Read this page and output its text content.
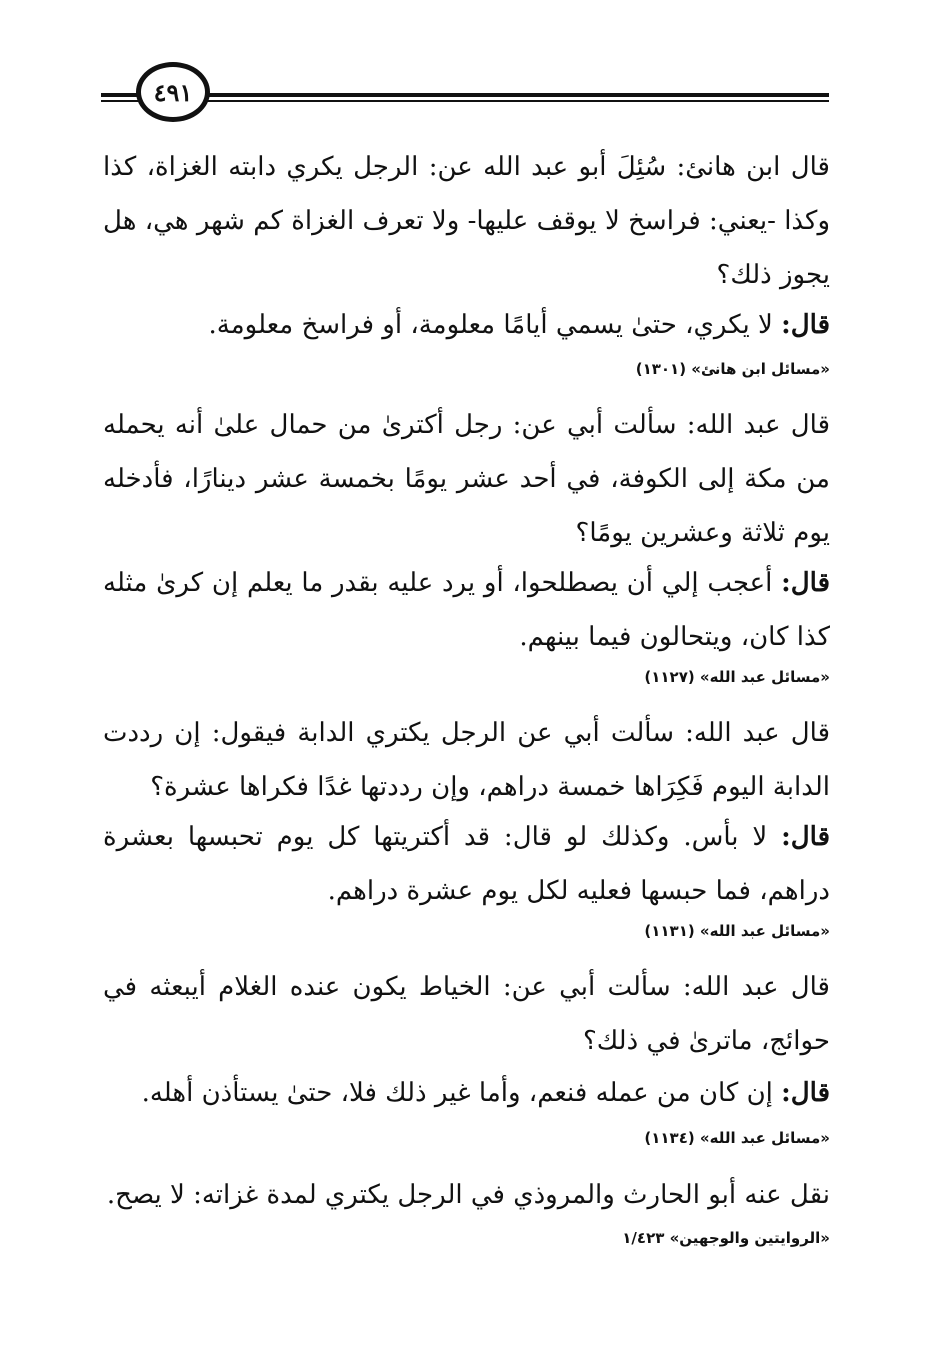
٤٩١
قال ابن هانئ: سُئِلَ أبو عبد الله عن: الرجل يكري دابته الغزاة، كذا وكذا -يعني: فراسخ لا يوقف عليها- ولا تعرف الغزاة كم شهر هي، هل يجوز ذلك؟
قال: لا يكري، حتىٰ يسمي أيامًا معلومة، أو فراسخ معلومة.
«مسائل ابن هانئ» (١٣٠١)
قال عبد الله: سألت أبي عن: رجل أكترىٰ من حمال علىٰ أنه يحمله من مكة إلى الكوفة، في أحد عشر يومًا بخمسة عشر دينارًا، فأدخله يوم ثلاثة وعشرين يومًا؟
قال: أعجب إلي أن يصطلحوا، أو يرد عليه بقدر ما يعلم إن كرىٰ مثله كذا كان، ويتحالون فيما بينهم.
«مسائل عبد الله» (١١٢٧)
قال عبد الله: سألت أبي عن الرجل يكتري الدابة فيقول: إن رددت الدابة اليوم فَكِرَاها خمسة دراهم، وإن رددتها غدًا فكراها عشرة؟
قال: لا بأس. وكذلك لو قال: قد أكتريتها كل يوم تحبسها بعشرة دراهم، فما حبسها فعليه لكل يوم عشرة دراهم.
«مسائل عبد الله» (١١٣١)
قال عبد الله: سألت أبي عن: الخياط يكون عنده الغلام أيبعثه في حوائج، ماترىٰ في ذلك؟
قال: إن كان من عمله فنعم، وأما غير ذلك فلا، حتىٰ يستأذن أهله.
«مسائل عبد الله» (١١٣٤)
نقل عنه أبو الحارث والمروذي في الرجل يكتري لمدة غزاته: لا يصح.
«الروايتين والوجهين» ١/٤٢٣
